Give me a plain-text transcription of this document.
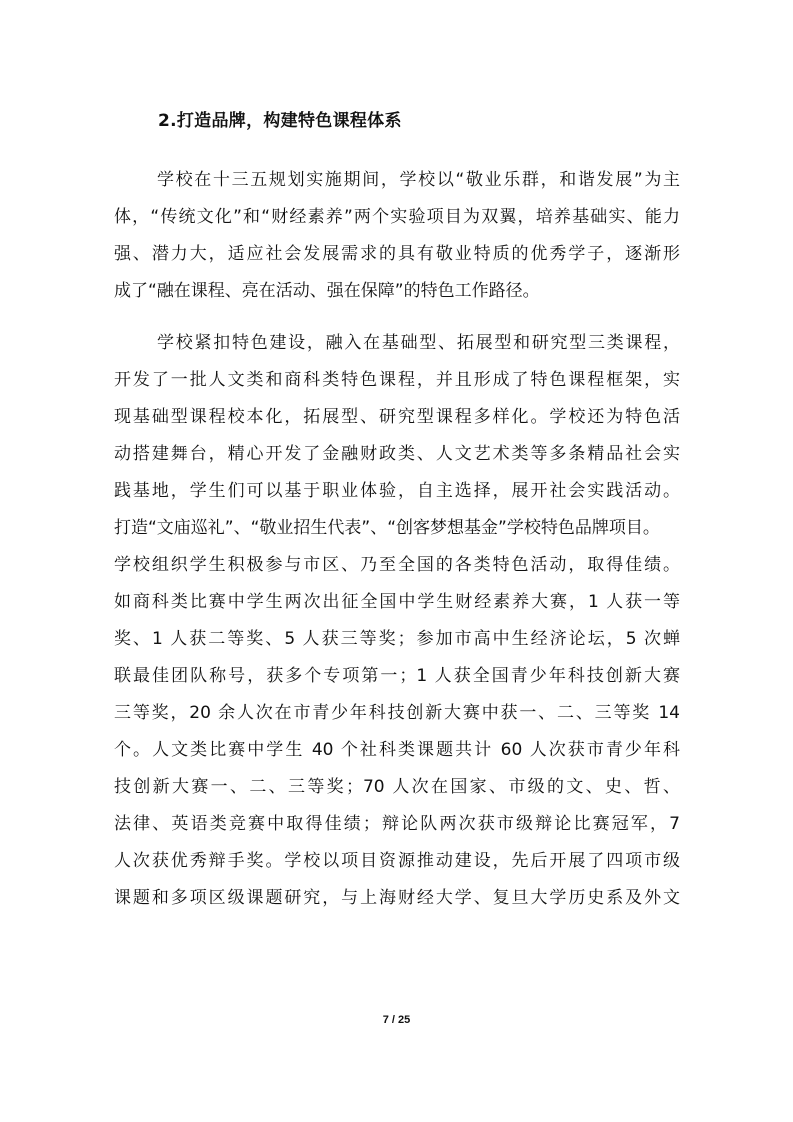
2.打造品牌，构建特色课程体系
学校在十三五规划实施期间，学校以“敬业乐群，和谐发展”为主
体，“传统文化”和“财经素养”两个实验项目为双翼，培养基础实、能力
强、潜力大，适应社会发展需求的具有敬业特质的优秀学子，逐渐形
成了“融在课程、亮在活动、强在保障”的特色工作路径。
学校紧扣特色建设，融入在基础型、拓展型和研究型三类课程，
开发了一批人文类和商科类特色课程，并且形成了特色课程框架，实
现基础型课程校本化，拓展型、研究型课程多样化。学校还为特色活
动搭建舞台，精心开发了金融财政类、人文艺术类等多条精品社会实
践基地，学生们可以基于职业体验，自主选择，展开社会实践活动。
打造“文庙巡礼”、“敬业招生代表”、“创客梦想基金”学校特色品牌项目。
学校组织学生积极参与市区、乃至全国的各类特色活动，取得佳绩。
如商科类比赛中学生两次出征全国中学生财经素养大赛，1 人获一等
奖、1 人获二等奖、5 人获三等奖；参加市高中生经济论坛，5 次蝉
联最佳团队称号，获多个专项第一；1 人获全国青少年科技创新大赛
三等奖，20 余人次在市青少年科技创新大赛中获一、二、三等奖 14
个。人文类比赛中学生 40 个社科类课题共计 60 人次获市青少年科
技创新大赛一、二、三等奖；70 人次在国家、市级的文、史、哲、
法律、英语类竞赛中取得佳绩；辩论队两次获市级辩论比赛冠军，7
人次获优秀辩手奖。学校以项目资源推动建设，先后开展了四项市级
课题和多项区级课题研究，与上海财经大学、复旦大学历史系及外文
7 / 25
